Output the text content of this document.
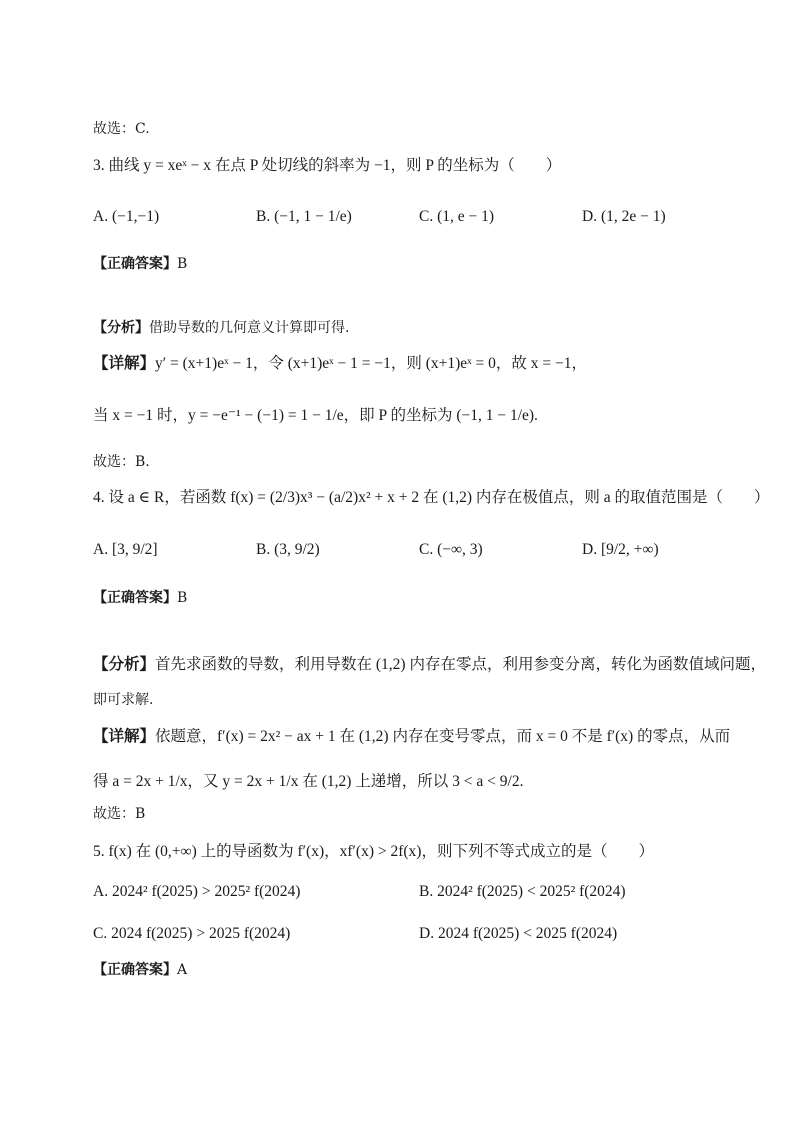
故选：C.
3. 曲线 y = xeˣ − x 在点 P 处切线的斜率为 −1，则 P 的坐标为（　　）
A. (−1,−1)	B. (−1, 1 − 1/e)	C. (1, e − 1)	D. (1, 2e − 1)
【正确答案】B
【分析】借助导数的几何意义计算即可得.
【详解】y′ = (x+1)eˣ − 1，令 (x+1)eˣ − 1 = −1，则 (x+1)eˣ = 0，故 x = −1，
当 x = −1 时，y = −e⁻¹ − (−1) = 1 − 1/e，即 P 的坐标为 (−1, 1 − 1/e).
故选：B.
4. 设 a ∈ R，若函数 f(x) = (2/3)x³ − (a/2)x² + x + 2 在 (1,2) 内存在极值点，则 a 的取值范围是（　　）
A. [3, 9/2]	B. (3, 9/2)	C. (−∞, 3)	D. [9/2, +∞)
【正确答案】B
【分析】首先求函数的导数，利用导数在 (1,2) 内存在零点，利用参变分离，转化为函数值域问题，
即可求解.
【详解】依题意，f′(x) = 2x² − ax + 1 在 (1,2) 内存在变号零点，而 x = 0 不是 f′(x) 的零点，从而
得 a = 2x + 1/x，又 y = 2x + 1/x 在 (1,2) 上递增，所以 3 < a < 9/2.
故选：B
5. f(x) 在 (0,+∞) 上的导函数为 f′(x)，xf′(x) > 2f(x)，则下列不等式成立的是（　　）
A. 2024² f(2025) > 2025² f(2024)	B. 2024² f(2025) < 2025² f(2024)
C. 2024 f(2025) > 2025 f(2024)	D. 2024 f(2025) < 2025 f(2024)
【正确答案】A
